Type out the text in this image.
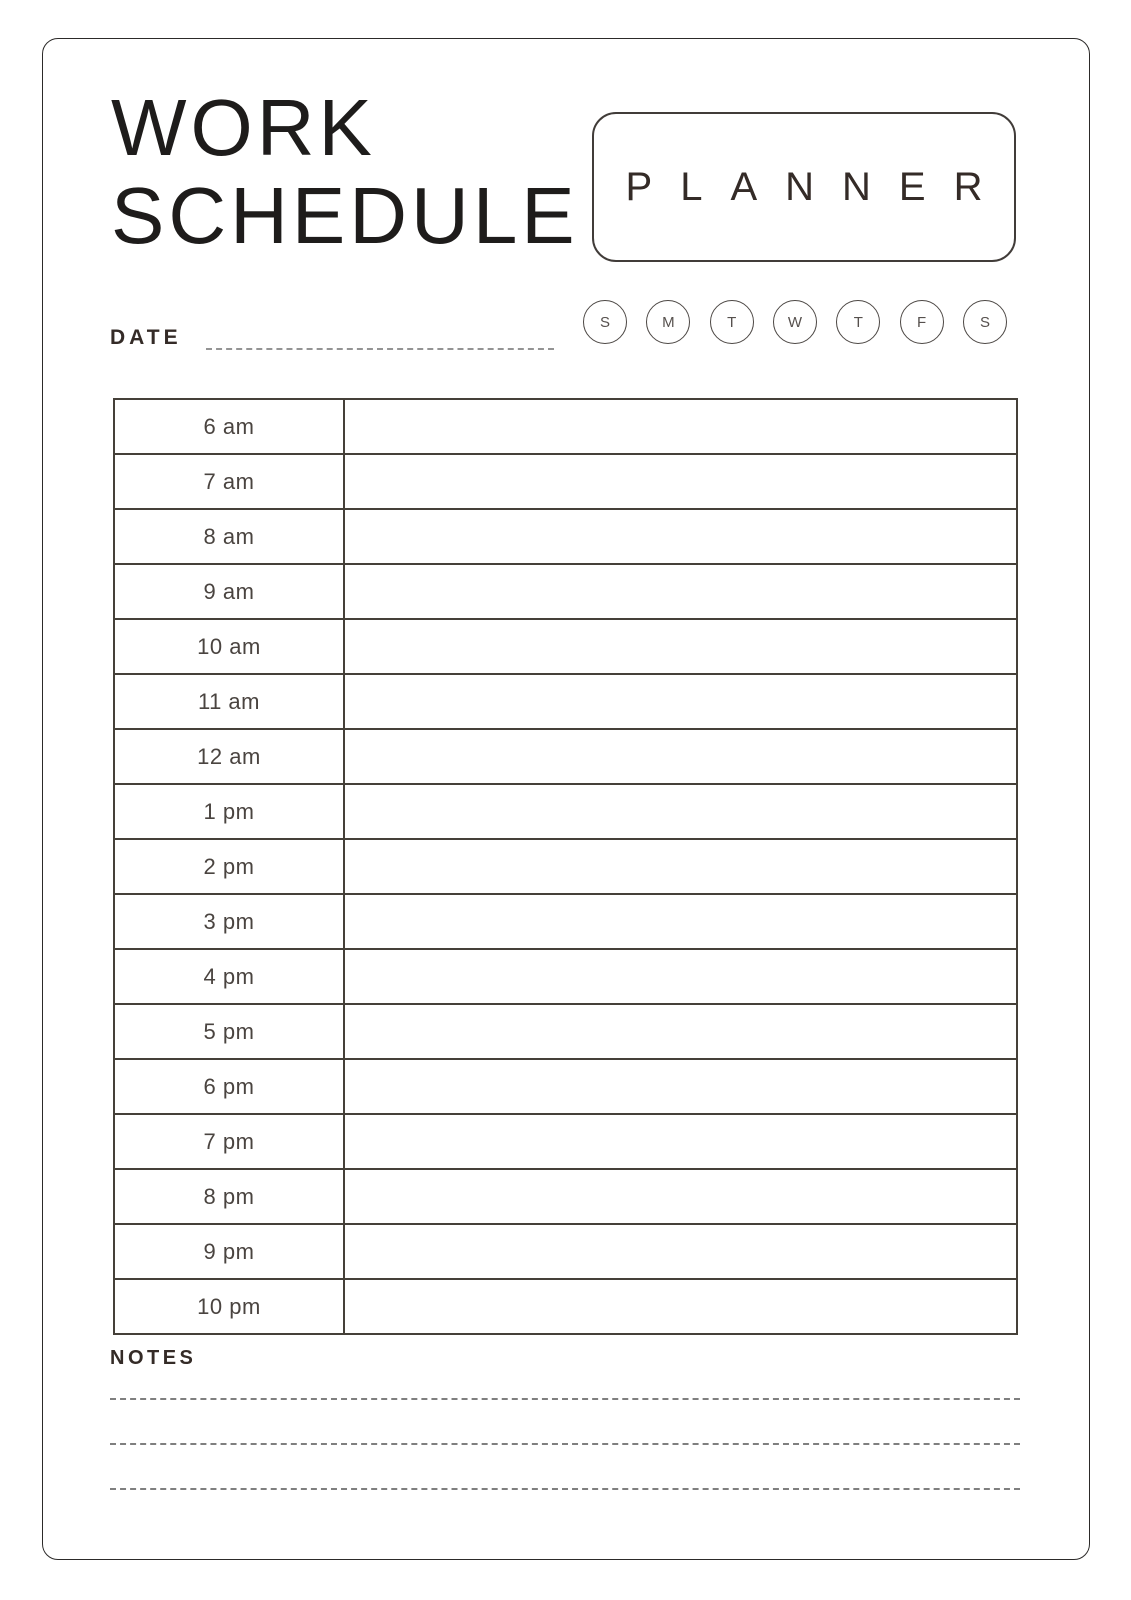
WORK
SCHEDULE PLANNER
S	M	T	W	T	F	S
DATE
6 am
7 am
8 am
9 am
10 am
11 am
12 am
1 pm
2 pm
3 pm
4 pm
5 pm
6 pm
7 pm
8 pm
9 pm
10 pm
NOTES
